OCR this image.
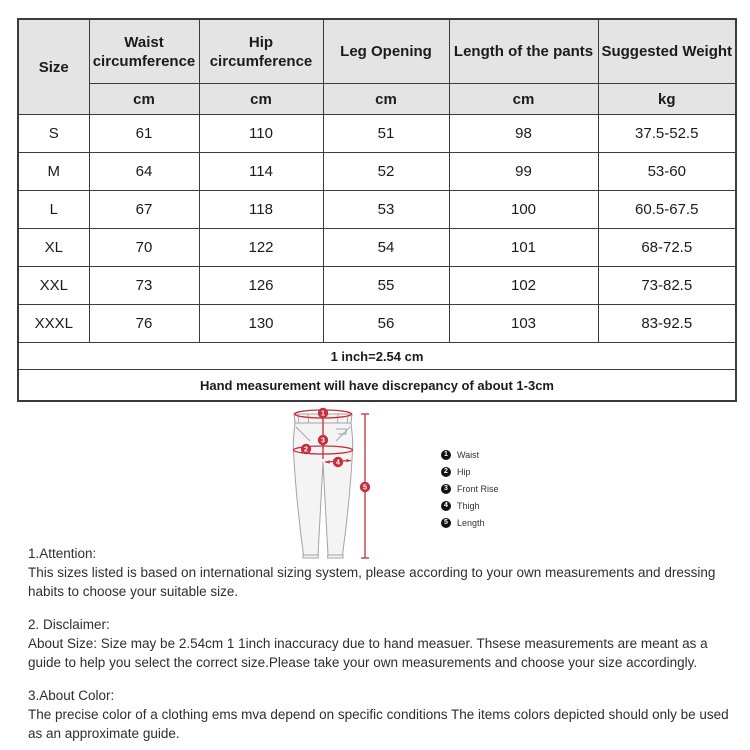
Size	Waist circumference	Hip circumference	Leg Opening	Length of the pants	Suggested Weight
	cm	cm	cm	cm	kg
S	61	110	51	98	37.5-52.5
M	64	114	52	99	53-60
L	67	118	53	100	60.5-67.5
XL	70	122	54	101	68-72.5
XXL	73	126	55	102	73-82.5
XXXL	76	130	56	103	83-92.5
1 inch=2.54 cm					
Hand measurement will have discrepancy of about 1-3cm					
1
2
3
4
5
1	Waist
2	Hip
3	Front Rise
4	Thigh
5	Length
1.Attention:
This sizes listed is based on international sizing system, please according to your own measurements and dressing habits to choose your suitable size.
2. Disclaimer:
About Size: Size may be 2.54cm 1 1inch inaccuracy due to hand measuer. Thsese measurements are meant as a guide to help you select the correct size.Please take your own measurements and choose your size accordingly.
3.About Color:
The precise color of a clothing ems mva depend on specific conditions The items colors depicted should only be used as an approximate guide.
